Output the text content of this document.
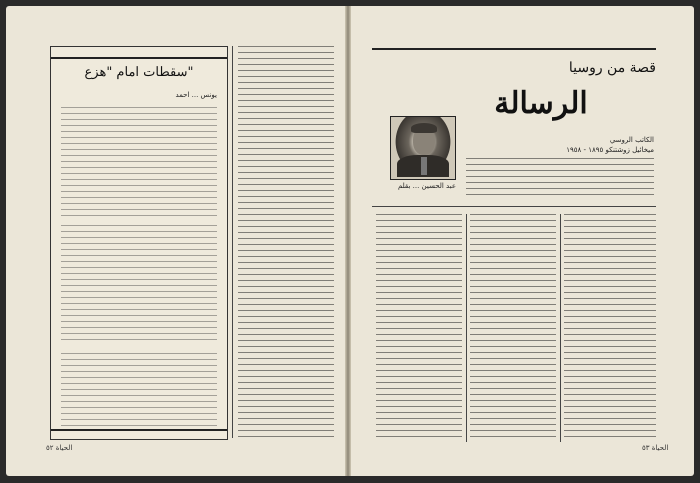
سقطات امام "هزع"
يونس ... احمد
الحياة ٥٢
قصة من روسيا
الرسالة
عبد الحسين ... بقلم
الكاتب الروسي
ميخائيل زوشتنكو ١٨٩٥ - ١٩٥٨
الحياة ٥٣
